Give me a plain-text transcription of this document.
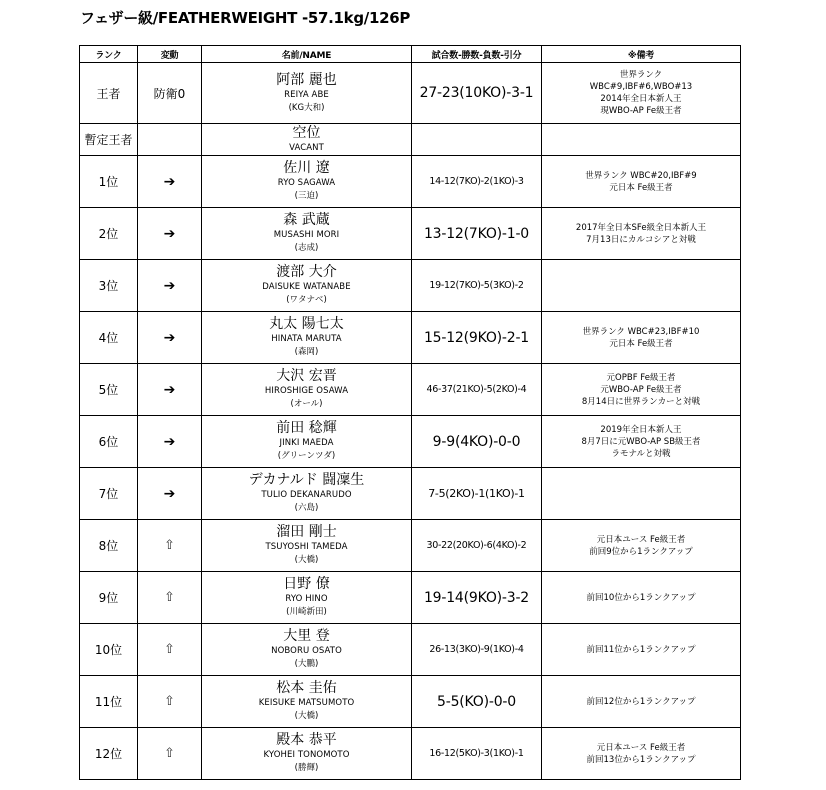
フェザー級/FEATHERWEIGHT -57.1kg/126P
ランク	変動	名前/NAME	試合数-勝数-負数-引分	※備考
王者	防衛0	阿部 麗也
REIYA ABE
(KG大和)	27-23(10KO)-3-1	世界ランク
WBC#9,IBF#6,WBO#13
2014年全日本新人王
現WBO-AP Fe級王者

暫定王者		空位
VACANT		

1位	➔	佐川 遼
RYO SAGAWA
(三迫)	14-12(7KO)-2(1KO)-3	世界ランク WBC#20,IBF#9
元日本 Fe級王者

2位	➔	森 武蔵
MUSASHI MORI
(志成)	13-12(7KO)-1-0	2017年全日本SFe級全日本新人王
7月13日にカルコシアと対戦

3位	➔	渡部 大介
DAISUKE WATANABE
(ワタナベ)	19-12(7KO)-5(3KO)-2	
4位	➔	丸太 陽七太
HINATA MARUTA
(森岡)	15-12(9KO)-2-1	世界ランク WBC#23,IBF#10
元日本 Fe級王者

5位	➔	大沢 宏晋
HIROSHIGE OSAWA
(オール)	46-37(21KO)-5(2KO)-4	元OPBF Fe級王者
元WBO-AP Fe級王者
8月14日に世界ランカーと対戦

6位	➔	前田 稔輝
JINKI MAEDA
(グリーンツダ)	9-9(4KO)-0-0	2019年全日本新人王
8月7日に元WBO-AP SB級王者
ラモナルと対戦

7位	➔	デカナルド 闘凜生
TULIO DEKANARUDO
(六島)	7-5(2KO)-1(1KO)-1	
8位	⇧	溜田 剛士
TSUYOSHI TAMEDA
(大橋)	30-22(20KO)-6(4KO)-2	元日本ユース Fe級王者
前回9位から1ランクアップ

9位	⇧	日野 僚
RYO HINO
(川崎新田)	19-14(9KO)-3-2	前回10位から1ランクアップ

10位	⇧	大里 登
NOBORU OSATO
(大鵬)	26-13(3KO)-9(1KO)-4	前回11位から1ランクアップ

11位	⇧	松本 圭佑
KEISUKE MATSUMOTO
(大橋)	5-5(KO)-0-0	前回12位から1ランクアップ

12位	⇧	殿本 恭平
KYOHEI TONOMOTO
(勝輝)	16-12(5KO)-3(1KO)-1	元日本ユース Fe級王者
前回13位から1ランクアップ
